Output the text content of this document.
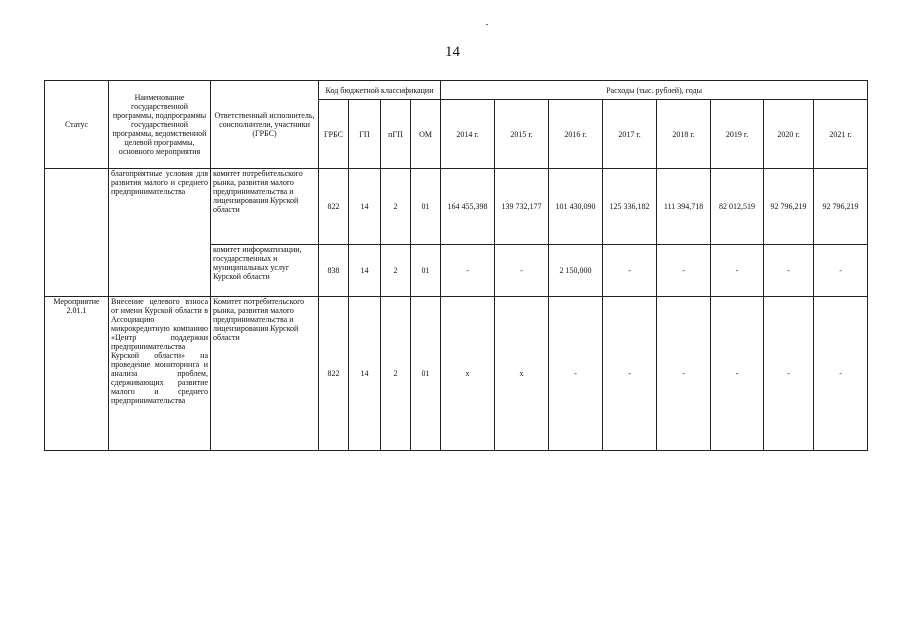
14
Статус	Наименование государственной программы, подпрограммы государственной программы, ведомственной целевой программы, основного мероприятия	Ответственный исполнитель, соисполнители, участники (ГРБС)	Код бюджетной классификации				Расходы (тыс. рублей), годы							
			ГРБС	ГП	пГП	ОМ	2014 г.	2015 г.	2016 г.	2017 г.	2018 г.	2019 г.	2020 г.	2021 г.
	благоприятные условия для развития малого и среднего предпринимательства	комитет потребительского рынка, развития малого предпринимательства и лицензирования Курской области	822	14	2	01	164 455,398	139 732,177	101 430,090	125 336,182	111 394,718	82 012,519	92 796,219	92 796,219
		комитет информатизации, государственных и муниципальных услуг Курской области	838	14	2	01	-	-	2 150,000	-	-	-	-	-
Мероприятие 2.01.1	Внесение целевого взноса от имени Курской области в Ассоциацию микрокредитную компанию «Центр поддержки предпринимательства Курской области» на проведение мониторинга и анализа проблем, сдерживающих развитие малого и среднего предпринимательства	Комитет потребительского рынка, развития малого предпринимательства и лицензирования Курской области	822	14	2	01	x	x	-	-	-	-	-	-
